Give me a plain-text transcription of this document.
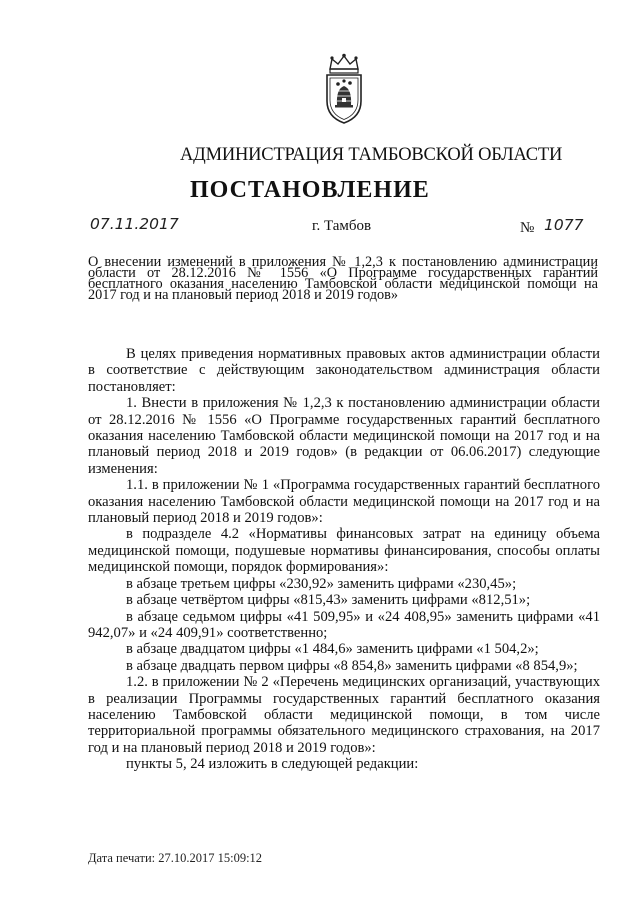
АДМИНИСТРАЦИЯ ТАМБОВСКОЙ ОБЛАСТИ
ПОСТАНОВЛЕНИЕ
07.11.2017	г. Тамбов	№ 1077
О внесении изменений в приложения № 1,2,3 к постановлению администрации области от 28.12.2016 № 1556 «О Программе государственных гарантий бесплатного оказания населению Тамбовской области медицинской помощи на 2017 год и на плановый период 2018 и 2019 годов»

В целях приведения нормативных правовых актов администрации области в соответствие с действующим законодательством администрация области постановляет:

1. Внести в приложения № 1,2,3 к постановлению администрации области от 28.12.2016 № 1556 «О Программе государственных гарантий бесплатного оказания населению Тамбовской области медицинской помощи на 2017 год и на плановый период 2018 и 2019 годов» (в редакции от 06.06.2017) следующие изменения:

1.1. в приложении № 1 «Программа государственных гарантий бесплатного оказания населению Тамбовской области медицинской помощи на 2017 год и на плановый период 2018 и 2019 годов»:

в подразделе 4.2 «Нормативы финансовых затрат на единицу объема медицинской помощи, подушевые нормативы финансирования, способы оплаты медицинской помощи, порядок формирования»:

в абзаце третьем цифры «230,92» заменить цифрами «230,45»;

в абзаце четвёртом цифры «815,43» заменить цифрами «812,51»;

в абзаце седьмом цифры «41 509,95» и «24 408,95» заменить цифрами «41 942,07» и «24 409,91» соответственно;

в абзаце двадцатом цифры «1 484,6» заменить цифрами «1 504,2»;

в абзаце двадцать первом цифры «8 854,8» заменить цифрами «8 854,9»;

1.2. в приложении № 2 «Перечень медицинских организаций, участвующих в реализации Программы государственных гарантий бесплатного оказания населению Тамбовской области медицинской помощи, в том числе территориальной программы обязательного медицинского страхования, на 2017 год и на плановый период 2018 и 2019 годов»:

пункты 5, 24 изложить в следующей редакции:

Дата печати: 27.10.2017 15:09:12
